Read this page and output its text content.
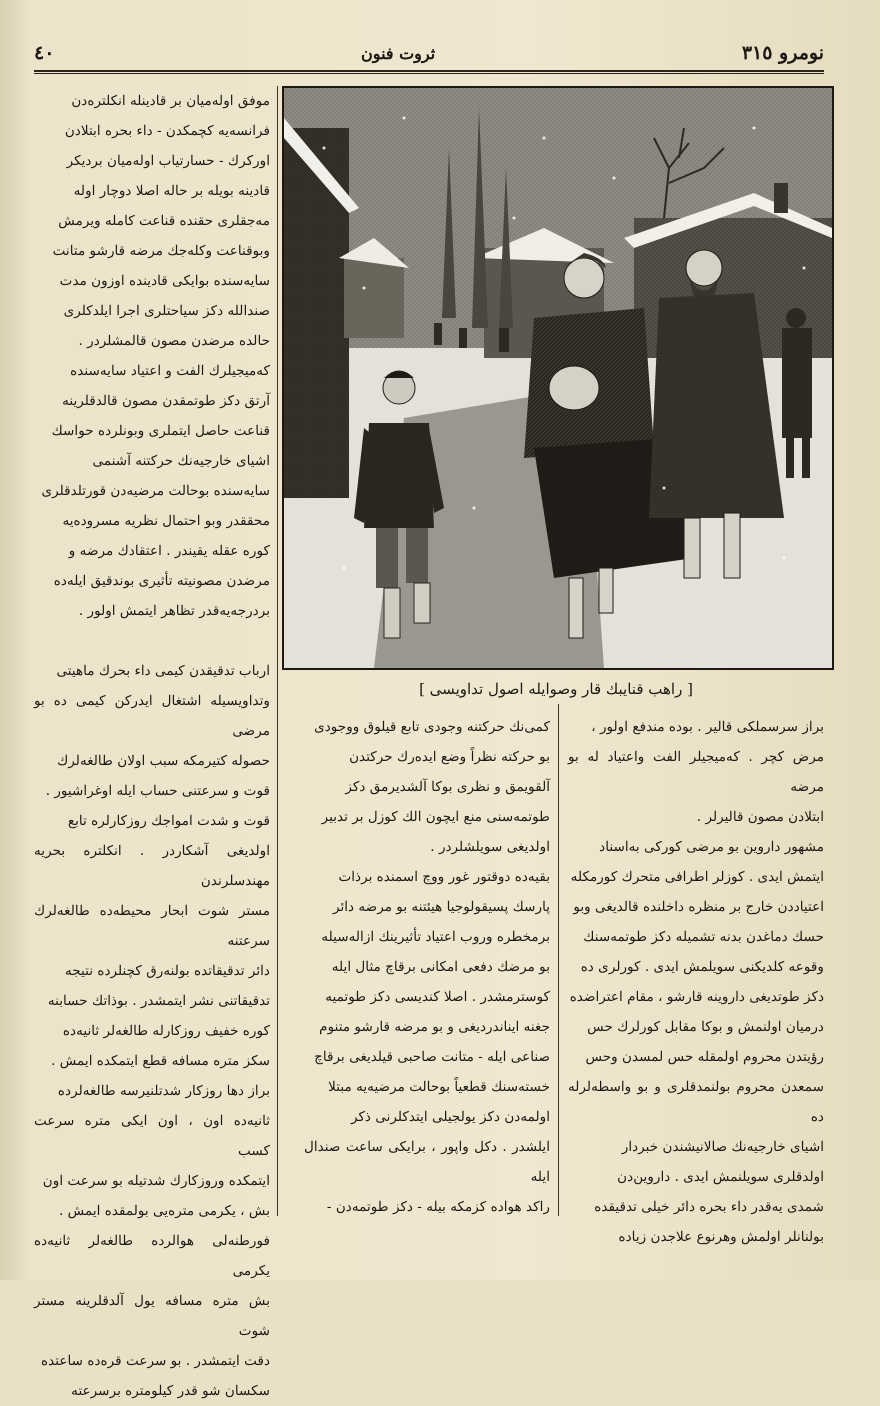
نومرو ٣١٥
ثروت فنون
٤٠
[ راهب قنايبك قار وصوايله اصول تداويسی ]

موفق اوله‌میان بر قادينله انكلتره‌دن

فرانسه‌يه كچمكدن - داء بحره ابتلادن

اوركرك - حسارتياب اوله‌ميان برديكر

قادينه بويله بر حاله اصلا دوچار اوله

مه‌جقلری حقنده قناعت كامله ويرمش

وبوقناعت وكله‌جك مرضه قارشو متانت

سايه‌سنده بوايكی قادينده اوزون مدت

صندالله دكز سياحتلری اجرا ايلدكلری

حالده مرضدن مصون قالمشلردر .

كه‌ميجيلرك الفت و اعتياد سايه‌سنده

آرتق دكز طوتمقدن مصون قالدقلرينه

قناعت حاصل ايتملری وبونلرده حواسك

اشيای خارجيه‌نك حركتنه آشنمی

سايه‌سنده بوحالت مرضيه‌دن قورتلدقلری

محققدر وبو احتمال نظريه مسروده‌يه

كوره عقله يقيندر . اعتقادك مرضه و

مرضدن مصونيته تأثيری بوندقيق ايله‌ده

بردرجه‌يه‌قدر تظاهر ايتمش اولور .

ارباب تدقيقدن كيمی داء بحرك ماهيتی

وتداويسيله اشتغال ايدركن كيمی ده بو مرضی

حصوله كتيرمكه سبب اولان طالغه‌لرك

قوت و سرعتنی حساب ايله اوغراشيور .

قوت و شدت امواجك روزكارلره تابع

اولديغی آشكاردر . انكلتره بحريه مهندسلرندن

مستر شوت ابحار محيطه‌ده طالغه‌لرك سرعتنه

دائر تدقيقاتده بولنه‌رق كچنلرده نتيجه

تدقيقاتنی نشر ايتمشدر . بوذاتك حسابنه

كوره خفيف روزكارله طالغه‌لر ثانيه‌ده

سكز متره مسافه قطع ايتمكده ايمش .

براز دها روزكار شدتلنيرسه طالغه‌لرده

ثانيه‌ده اون ، اون ايكی متره سرعت كسب

ايتمكده وروزكارك شدتيله بو سرعت اون

بش ، يكرمی متره‌يی بولمقده ايمش .

فورطنه‌لی هوالرده طالغه‌لر ثانيه‌ده يكرمی

بش متره مسافه يول آلدقلرينه مستر شوت

دقت ايتمشدر . بو سرعت قره‌ده ساعتده

سكسان شو قدر كيلومتره برسرعته

كمی‌نك حركتنه وجودی تابع قيلوق ووجودی

بو حركته نظراً وضع ايده‌رك حركتدن

آلقويمق و نظری بوكا آلشديرمق دكز

طوتمه‌سنی منع ايچون الك كوزل بر تدبير

اولديغی سويلشلردر .

بقيه‌ده دوقتور غور ووچ اسمنده برذات

پارسك پسيقولوجيا هيئتنه بو مرضه دائر

برمخطره وروب اعتياد تأثيرينك ازاله‌سيله

بو مرضك دفعی امكانی برقاچ مثال ايله

كوسترمشدر . اصلا كنديسی دكز طوتميه

جغنه ايناندرديغی و بو مرضه قارشو متنوم

صناعی ايله - متانت صاحبی قيلديغی برقاچ

خسته‌سنك قطعياً بوحالت مرضيه‌يه مبتلا

اولمه‌دن دكز يولجيلی ايتدكلرنی ذكر

ايلشدر . دكل واپور ، برايكی ساعت صندال ايله

راكد هواده كزمكه بيله - دكز طوتمه‌دن -

براز سرسملكی قالير . بوده مندفع اولور ،

مرض كچر . كه‌ميجيلر الفت واعتياد له بو مرضه

ابتلادن مصون قاليرلر .

مشهور داروين بو مرضی كوركی به‌اسناد

ايتمش ايدی . كوزلر اطرافی متحرك كورمكله

اعتياددن خارج بر منظره داخلنده قالديغی وبو

حسك دماغدن بدنه تشميله دكز طوتمه‌سنك

وقوعه كلديكنی سويلمش ايدی . كورلری ده

دكز طوتديغی داروينه قارشو ، مقام اعتراضده

درميان اولنمش و بوكا مقابل كورلرك حس

رؤيتدن محروم اولمقله حس لمسدن وحس

سمعدن محروم بولنمدقلری و بو واسطه‌لرله ده

اشيای خارجيه‌نك صالانيشندن خبردار

اولدقلری سويلنمش ايدی . داروين‌دن

شمدی يه‌قدر داء بحره دائر خيلی تدقيقده

بولنانلر اولمش وهرنوع علاجدن زياده
